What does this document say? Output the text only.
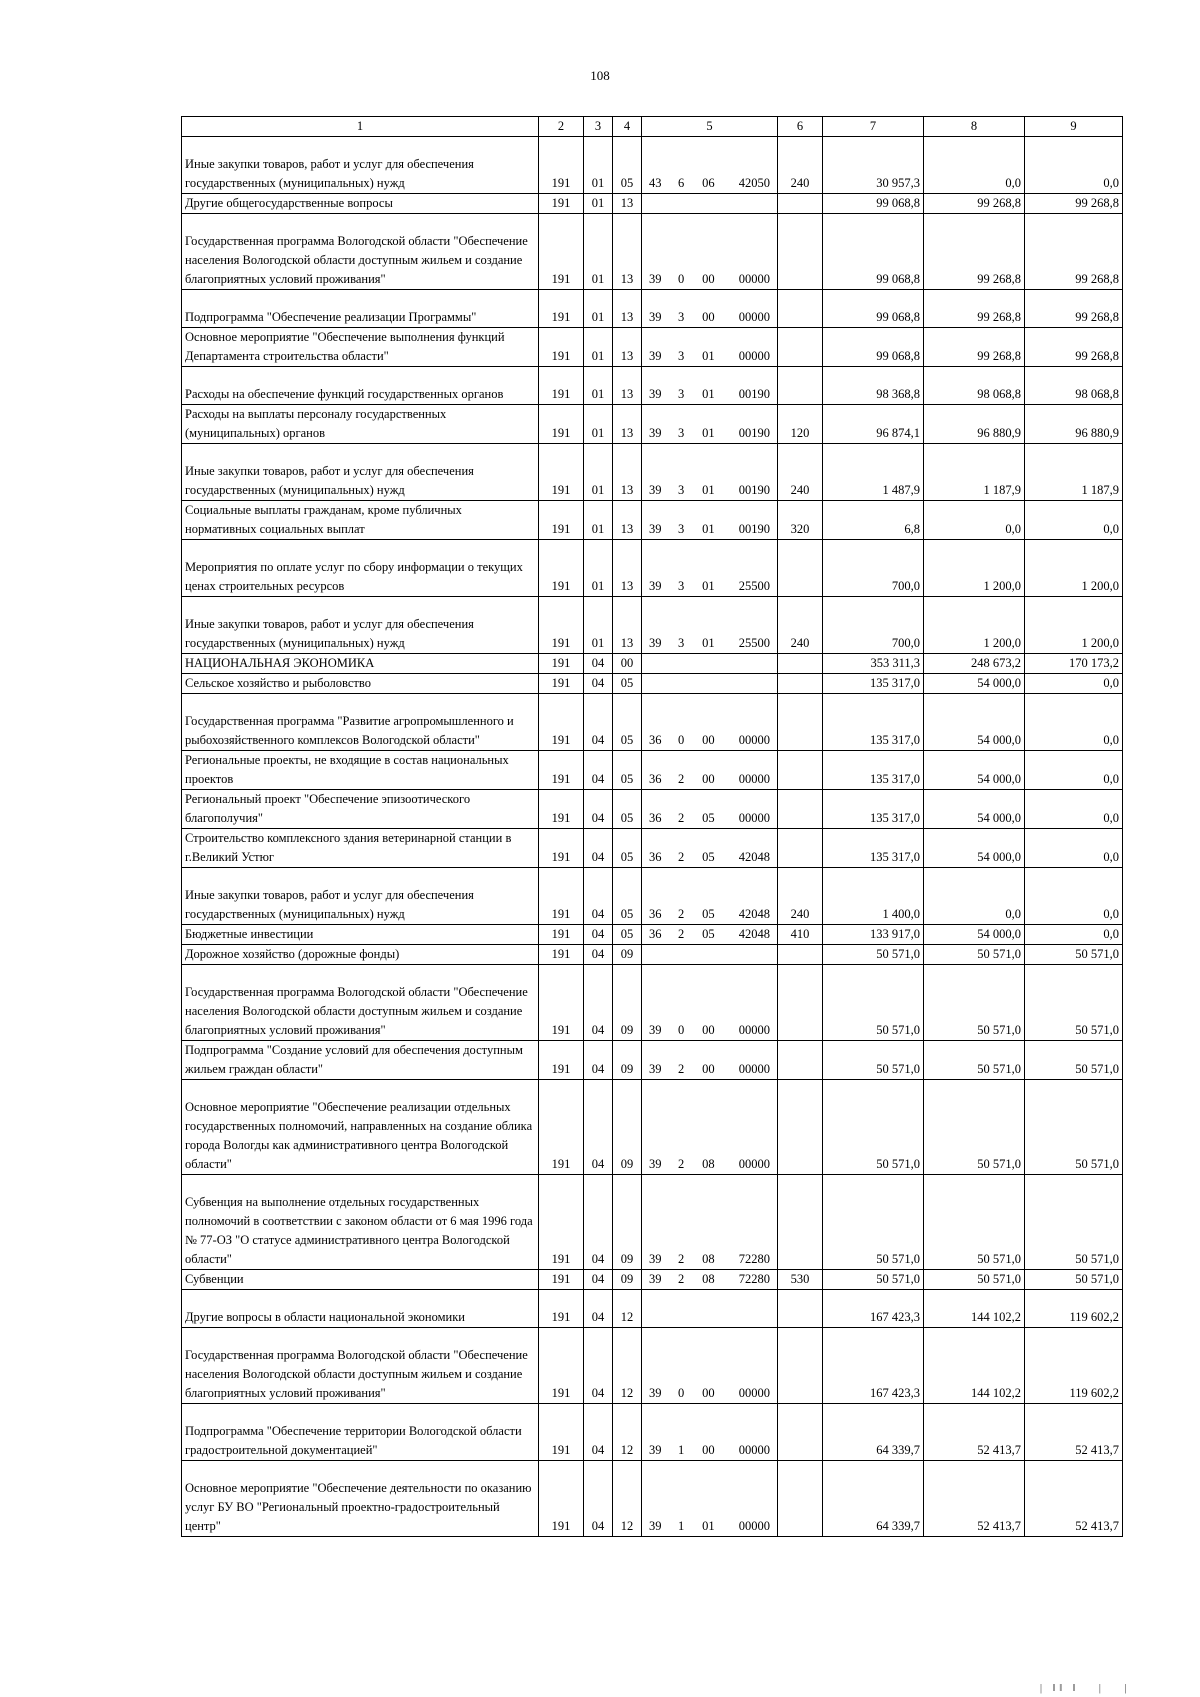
108
1	2	3	4	5	6	7	8	9
Иные закупки товаров, работ и услуг для обеспечения государственных (муниципальных) нужд	191	01	05	43 6 06 42050	240	30 957,3	0,0	0,0
Другие общегосударственные вопросы	191	01	13			99 068,8	99 268,8	99 268,8
Государственная программа Вологодской области "Обеспечение населения Вологодской области доступным жильем и создание благоприятных условий проживания"	191	01	13	39 0 00 00000		99 068,8	99 268,8	99 268,8
Подпрограмма "Обеспечение реализации Программы"	191	01	13	39 3 00 00000		99 068,8	99 268,8	99 268,8
Основное мероприятие "Обеспечение выполнения функций Департамента строительства области"	191	01	13	39 3 01 00000		99 068,8	99 268,8	99 268,8
Расходы на обеспечение функций государственных органов	191	01	13	39 3 01 00190		98 368,8	98 068,8	98 068,8
Расходы на выплаты персоналу государственных (муниципальных) органов	191	01	13	39 3 01 00190	120	96 874,1	96 880,9	96 880,9
Иные закупки товаров, работ и услуг для обеспечения государственных (муниципальных) нужд	191	01	13	39 3 01 00190	240	1 487,9	1 187,9	1 187,9
Социальные выплаты гражданам, кроме публичных нормативных социальных выплат	191	01	13	39 3 01 00190	320	6,8	0,0	0,0
Мероприятия по оплате услуг по сбору информации о текущих ценах строительных ресурсов	191	01	13	39 3 01 25500		700,0	1 200,0	1 200,0
Иные закупки товаров, работ и услуг для обеспечения государственных (муниципальных) нужд	191	01	13	39 3 01 25500	240	700,0	1 200,0	1 200,0
НАЦИОНАЛЬНАЯ ЭКОНОМИКА	191	04	00			353 311,3	248 673,2	170 173,2
Сельское хозяйство и рыболовство	191	04	05			135 317,0	54 000,0	0,0
Государственная программа "Развитие агропромышленного и рыбохозяйственного комплексов Вологодской области"	191	04	05	36 0 00 00000		135 317,0	54 000,0	0,0
Региональные проекты, не входящие в состав национальных проектов	191	04	05	36 2 00 00000		135 317,0	54 000,0	0,0
Региональный проект "Обеспечение эпизоотического благополучия"	191	04	05	36 2 05 00000		135 317,0	54 000,0	0,0
Строительство комплексного здания ветеринарной станции в г.Великий Устюг	191	04	05	36 2 05 42048		135 317,0	54 000,0	0,0
Иные закупки товаров, работ и услуг для обеспечения государственных (муниципальных) нужд	191	04	05	36 2 05 42048	240	1 400,0	0,0	0,0
Бюджетные инвестиции	191	04	05	36 2 05 42048	410	133 917,0	54 000,0	0,0
Дорожное хозяйство (дорожные фонды)	191	04	09			50 571,0	50 571,0	50 571,0
Государственная программа Вологодской области "Обеспечение населения Вологодской области доступным жильем и создание благоприятных условий проживания"	191	04	09	39 0 00 00000		50 571,0	50 571,0	50 571,0
Подпрограмма "Создание условий для обеспечения доступным жильем граждан области"	191	04	09	39 2 00 00000		50 571,0	50 571,0	50 571,0
Основное мероприятие "Обеспечение реализации отдельных государственных полномочий, направленных на создание облика города Вологды как административного центра Вологодской области"	191	04	09	39 2 08 00000		50 571,0	50 571,0	50 571,0
Субвенция на выполнение отдельных государственных полномочий в соответствии с законом области от 6 мая 1996 года № 77-ОЗ "О статусе административного центра Вологодской области"	191	04	09	39 2 08 72280		50 571,0	50 571,0	50 571,0
Субвенции	191	04	09	39 2 08 72280	530	50 571,0	50 571,0	50 571,0
Другие вопросы в области национальной экономики	191	04	12			167 423,3	144 102,2	119 602,2
Государственная программа Вологодской области "Обеспечение населения Вологодской области доступным жильем и создание благоприятных условий проживания"	191	04	12	39 0 00 00000		167 423,3	144 102,2	119 602,2
Подпрограмма "Обеспечение территории Вологодской области градостроительной документацией"	191	04	12	39 1 00 00000		64 339,7	52 413,7	52 413,7
Основное мероприятие "Обеспечение деятельности по оказанию услуг БУ ВО "Региональный проектно-градостроительный центр"	191	04	12	39 1 01 00000		64 339,7	52 413,7	52 413,7
| ‖‖ ‖   |   |
